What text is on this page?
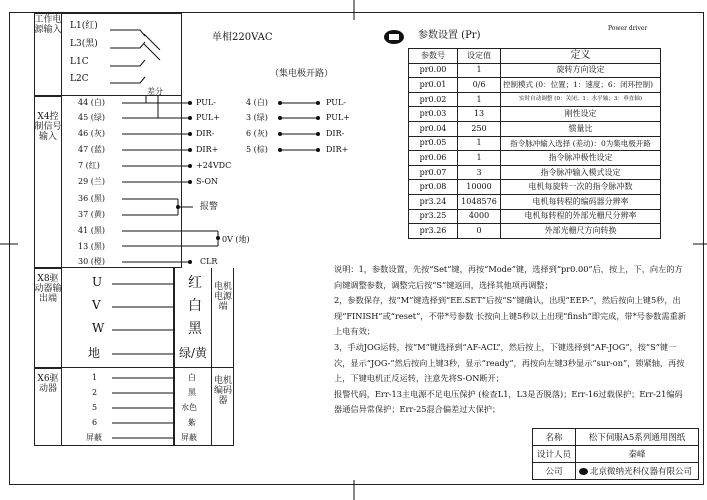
工作电源输入 L1(红)
L3(黑)
L1C
L2C
单相220VAC
X4控制信号输入
差分
（集电极开路）
44 (白)
45 (绿)
46 (灰)
47 (蓝)
7 (红)
29 (兰)
36 (黑)
37 (黄)
41 (黑)
13 (黑)
30 (橙)
PUL-
PUL+
DIR-
DIR+
+24VDC
S-ON
报警
0V (地)
CLR
4 (白)
3 (绿)
6 (灰)
5 (棕)
PUL-
PUL+
DIR-
DIR+
X8驱动器输出端
U
V
W
地
红
白
黑
绿/黄
电机电源端
X6驱动器
1
2
5
6
屏蔽
白
黑
水色
紫
屏蔽
电机编码器
参数设置 (Pr)
Power driver
参数号	设定值	定义
pr0.00	1	旋转方向设定
pr0.01	0/6	控制模式 (0：位置；1：速度；6：闭环控制)
pr0.02	1	实时自动调整 (0：关闭；1：水平轴；3：垂直轴)
pr0.03	13	刚性设定
pr0.04	250	惯量比
pr0.05	1	指令脉冲输入选择 (差动)：0为集电极开路
pr0.06	1	指令脉冲极性设定
pr0.07	3	指令脉冲输入模式设定
pr0.08	10000	电机每旋转一次的指令脉冲数
pr3.24	1048576	电机每转程的编码器分辨率
pr3.25	4000	电机每转程的外部光栅尺分辨率
pr3.26	0	外部光栅尺方向转换

说明：1，参数设置，先按“Set”键，再按“Mode”键，选择到“pr0.00”后，按上，下，向左的方向键调整参数，调整完后按“S”键返回，选择其他项再调整；

2，参数保存，按“M”键选择到“EE.SET”后按“S”键确认，出现“EEP-”，然后按向上键5秒，出现“FINISH”或“reset”，不带*号参数 长按向上键5秒以上出现“finsh”即完成，带*号参数需重新上电有效；

3，手动JOG运转，按“M”键选择到“AF-ACL”，然后按上，下键选择到“AF-JOG”，按“S”键一次，显示“JOG-”然后按向上键3秒，显示“ready”，再按向左键3秒显示“sur-on”，锁紧轴，再按上，下键电机正反运转，注意先将S-ON断开；

报警代码，Err-13主电源不足电压保护 (检查L1，L3是否脱落)；Err-16过载保护；Err-21编码器通信异常保护；Err-25混合偏差过大保护；

名称	松下伺服A5系列通用图纸
设计人员	秦峰
公司	北京微纳光科仪器有限公司
